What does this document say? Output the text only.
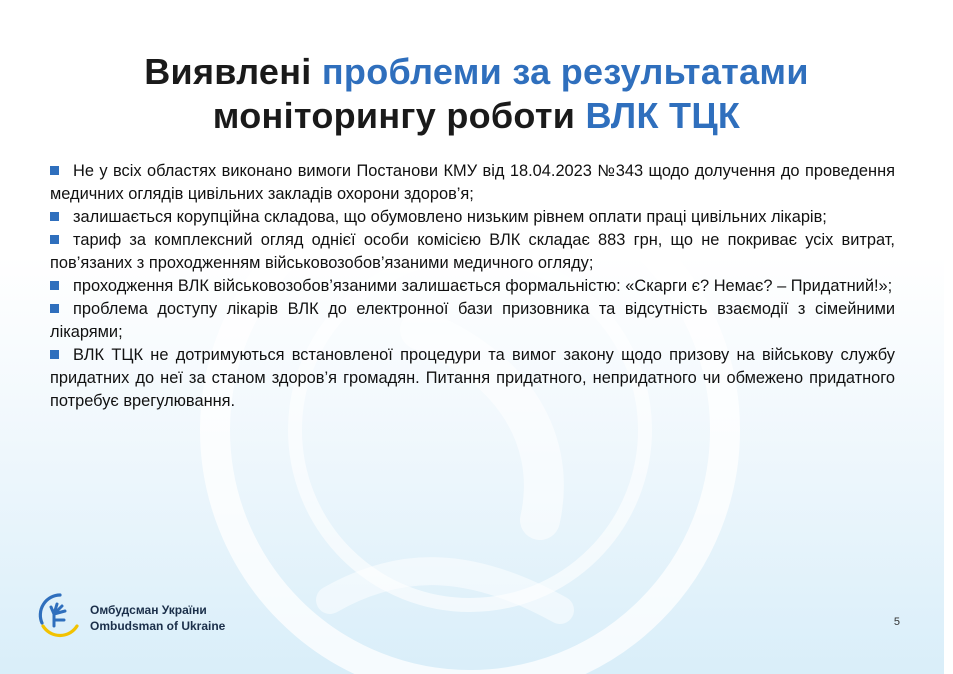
Виявлені проблеми за результатами
моніторингу роботи ВЛК ТЦК
Не у всіх областях виконано вимоги Постанови КМУ від 18.04.2023 №343 щодо долучення до проведення медичних оглядів цивільних закладів охорони здоров’я;
залишається корупційна складова, що обумовлено низьким рівнем оплати праці цивільних лікарів;
тариф за комплексний огляд однієї особи комісією ВЛК складає 883 грн, що не покриває усіх витрат, пов’язаних з проходженням військовозобов’язаними медичного огляду;
проходження ВЛК військовозобов’язаними залишається формальністю: «Скарги є? Немає? – Придатний!»;
проблема доступу лікарів ВЛК до електронної бази призовника та відсутність взаємодії з сімейними лікарями;
ВЛК ТЦК не дотримуються встановленої процедури та вимог закону щодо призову на військову службу придатних до неї за станом здоров’я громадян. Питання придатного, непридатного чи обмежено придатного потребує врегулювання.
Омбудсман України
Ombudsman of Ukraine	5
